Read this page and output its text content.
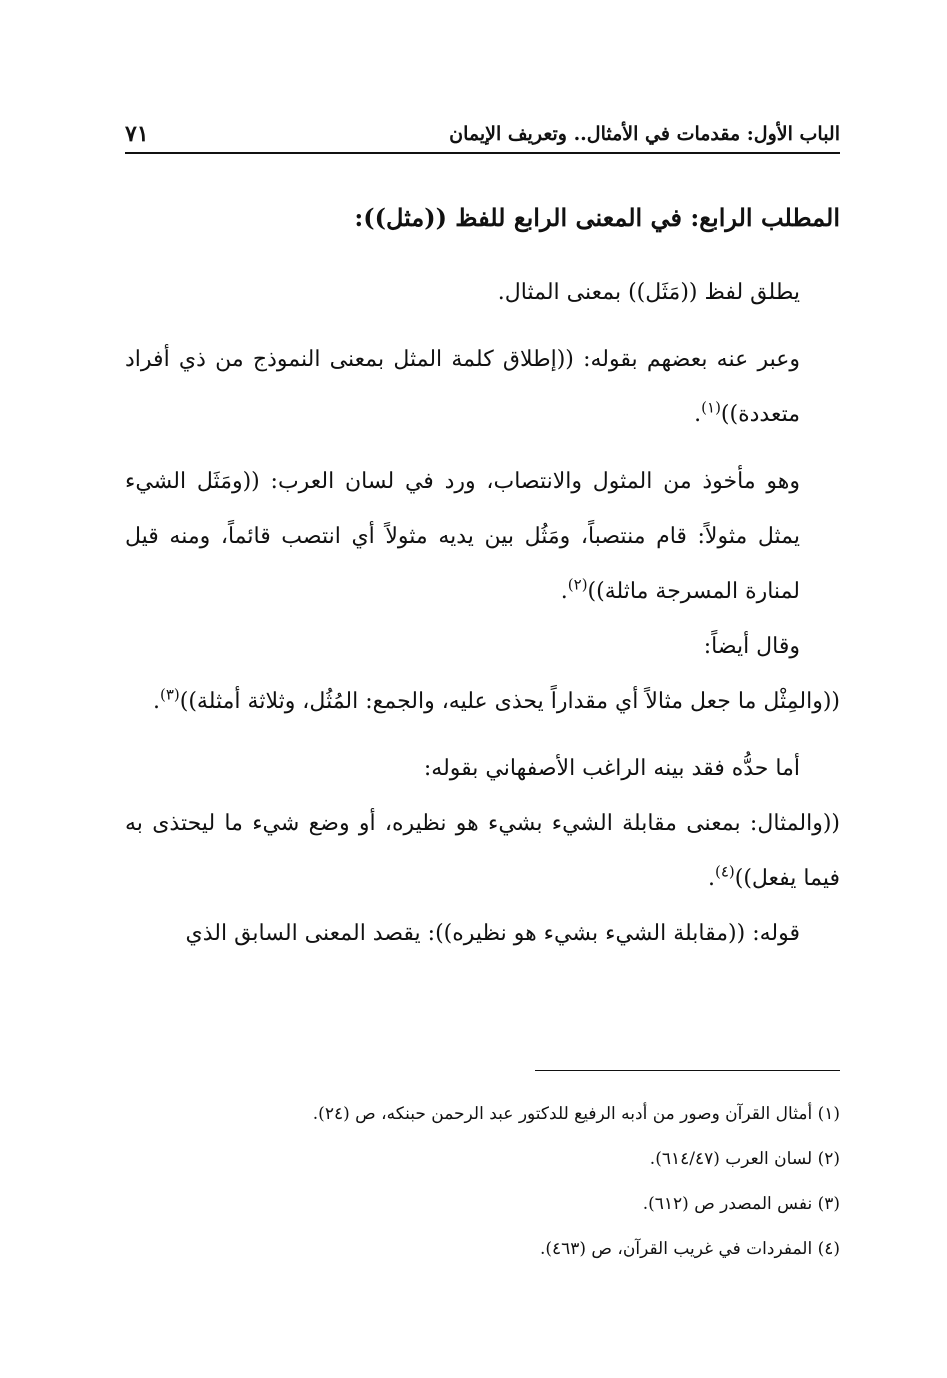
الباب الأول: مقدمات في الأمثال.. وتعريف الإيمان
٧١

المطلب الرابع: في المعنى الرابع للفظ ((مثل)):

يطلق لفظ ((مَثَل)) بمعنى المثال.

وعبر عنه بعضهم بقوله: ((إطلاق كلمة المثل بمعنى النموذج من ذي أفراد متعددة))$^{(١)}$.

وهو مأخوذ من المثول والانتصاب، ورد في لسان العرب: ((ومَثَل الشيء يمثل مثولاً: قام منتصباً، ومَثُل بين يديه مثولاً أي انتصب قائماً، ومنه قيل لمنارة المسرجة ماثلة))$^{(٢)}$.

وقال أيضاً:

((والمِثْل ما جعل مثالاً أي مقداراً يحذى عليه، والجمع: المُثُل، وثلاثة أمثلة))$^{(٣)}$.

أما حدُّه فقد بينه الراغب الأصفهاني بقوله:

((والمثال: بمعنى مقابلة الشيء بشيء هو نظيره، أو وضع شيء ما ليحتذى به فيما يفعل))$^{(٤)}$.

قوله: ((مقابلة الشيء بشيء هو نظيره)): يقصد المعنى السابق الذي

(١) أمثال القرآن وصور من أدبه الرفيع للدكتور عبد الرحمن حبنكه، ص (٢٤).

(٢) لسان العرب (٦١٤/٤٧).

(٣) نفس المصدر ص (٦١٢).

(٤) المفردات في غريب القرآن، ص (٤٦٣).
